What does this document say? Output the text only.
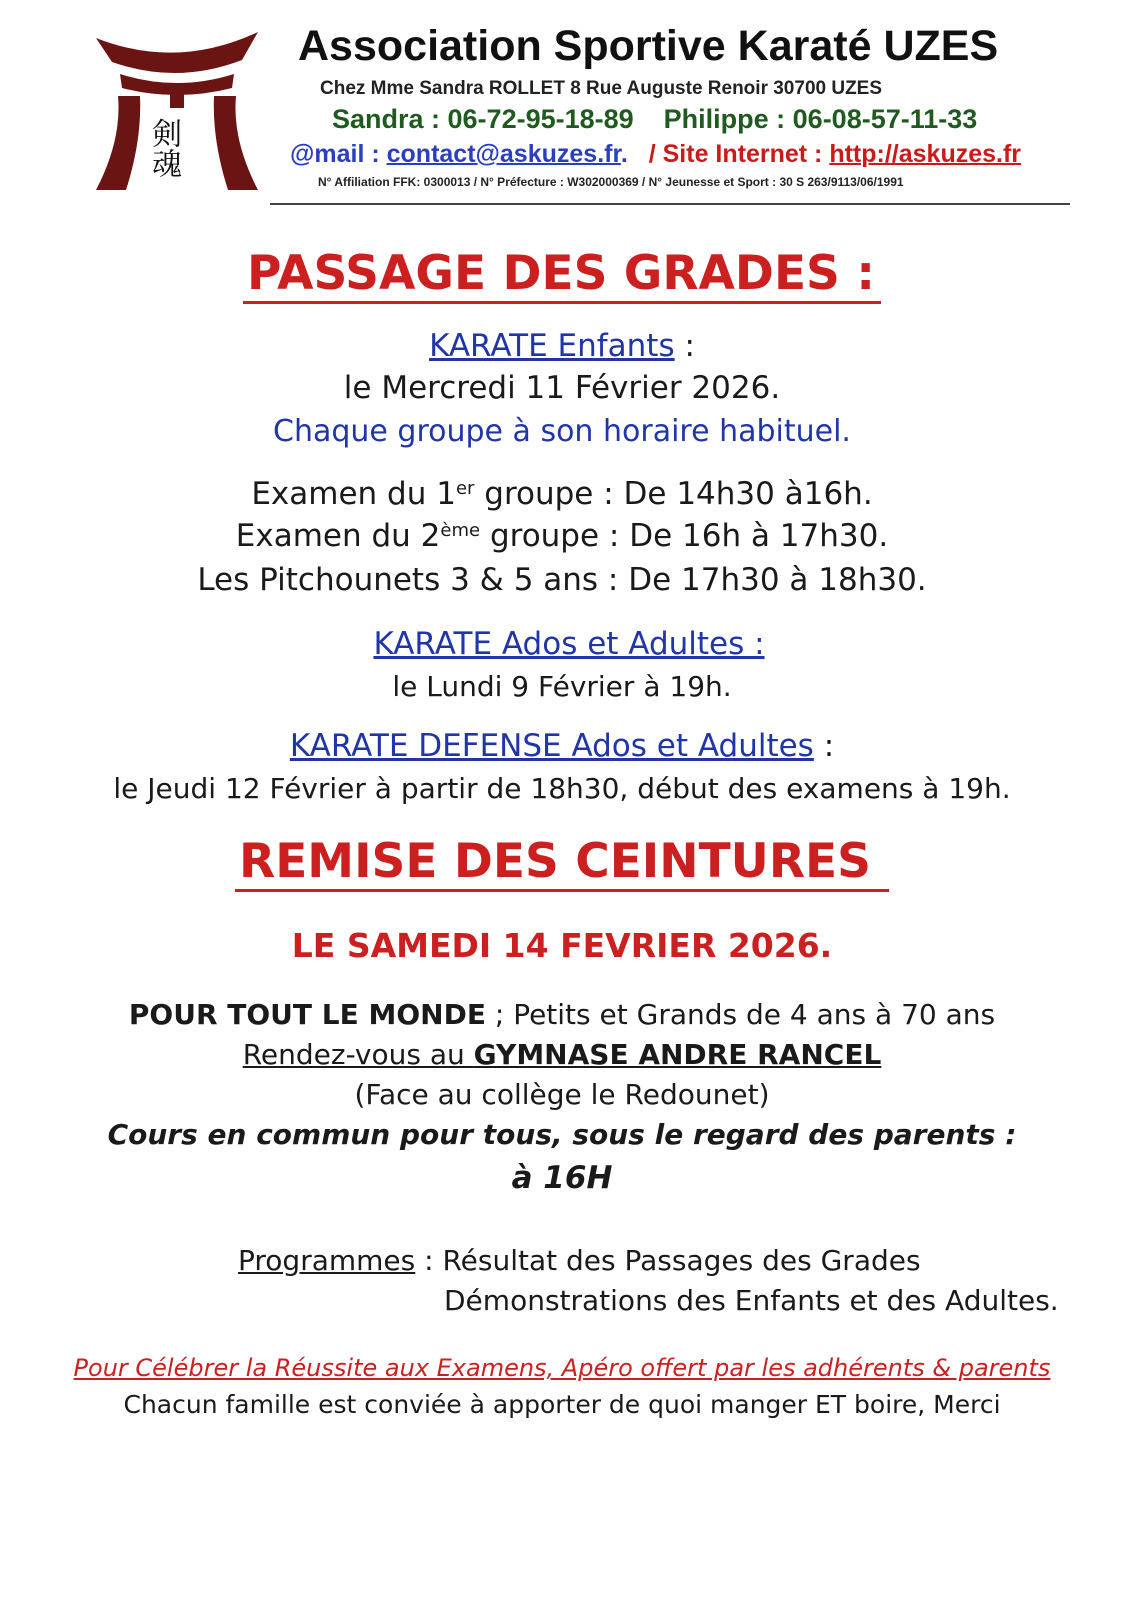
剣魂
Association Sportive Karaté UZES
Chez Mme Sandra ROLLET 8 Rue Auguste Renoir 30700 UZES
Sandra : 06-72-95-18-89 Philippe : 06-08-57-11-33
@mail : contact@askuzes.fr. / Site Internet : http://askuzes.fr
N° Affiliation FFK: 0300013 / N° Préfecture : W302000369 / N° Jeunesse et Sport : 30 S 263/9113/06/1991
PASSAGE DES GRADES :
KARATE Enfants :
le Mercredi 11 Février 2026.
Chaque groupe à son horaire habituel.
Examen du 1er groupe : De 14h30 à16h.
Examen du 2ème groupe : De 16h à 17h30.
Les Pitchounets 3 & 5 ans : De 17h30 à 18h30.
KARATE Ados et Adultes :
le Lundi 9 Février à 19h.
KARATE DEFENSE Ados et Adultes :
le Jeudi 12 Février à partir de 18h30, début des examens à 19h.
REMISE DES CEINTURES
LE SAMEDI 14 FEVRIER 2026.
POUR TOUT LE MONDE ; Petits et Grands de 4 ans à 70 ans
Rendez-vous au GYMNASE ANDRE RANCEL
(Face au collège le Redounet)
Cours en commun pour tous, sous le regard des parents :
à 16H
Programmes : Résultat des Passages des Grades
Démonstrations des Enfants et des Adultes.
Pour Célébrer la Réussite aux Examens, Apéro offert par les adhérents & parents
Chacun famille est conviée à apporter de quoi manger ET boire, Merci
